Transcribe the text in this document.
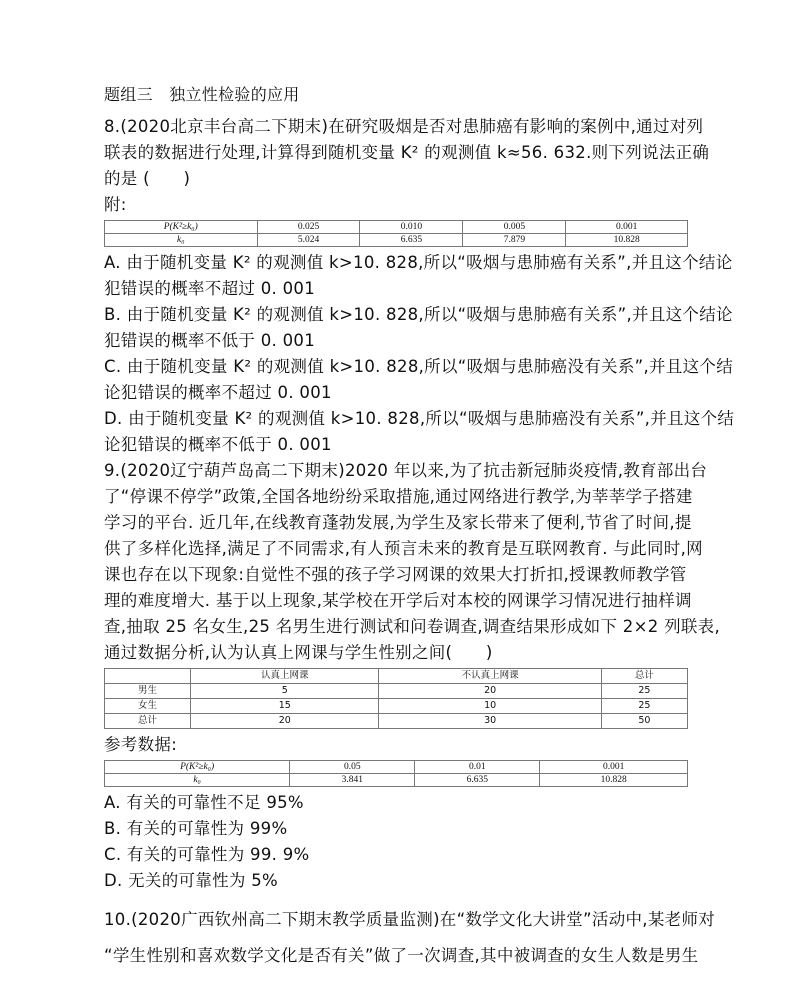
题组三　独立性检验的应用
8.(2020北京丰台高二下期末)在研究吸烟是否对患肺癌有影响的案例中,通过对列
联表的数据进行处理,计算得到随机变量 K² 的观测值 k≈56. 632.则下列说法正确
的是 (　　)
附:
P(K²≥k₀)	0.025	0.010	0.005	0.001
k₀	5.024	6.635	7.879	10.828
A. 由于随机变量 K² 的观测值 k>10. 828,所以“吸烟与患肺癌有关系”,并且这个结论
犯错误的概率不超过 0. 001
B. 由于随机变量 K² 的观测值 k>10. 828,所以“吸烟与患肺癌有关系”,并且这个结论
犯错误的概率不低于 0. 001
C. 由于随机变量 K² 的观测值 k>10. 828,所以“吸烟与患肺癌没有关系”,并且这个结
论犯错误的概率不超过 0. 001
D. 由于随机变量 K² 的观测值 k>10. 828,所以“吸烟与患肺癌没有关系”,并且这个结
论犯错误的概率不低于 0. 001
9.(2020辽宁葫芦岛高二下期末)2020 年以来,为了抗击新冠肺炎疫情,教育部出台
了“停课不停学”政策,全国各地纷纷采取措施,通过网络进行教学,为莘莘学子搭建
学习的平台. 近几年,在线教育蓬勃发展,为学生及家长带来了便利,节省了时间,提
供了多样化选择,满足了不同需求,有人预言未来的教育是互联网教育. 与此同时,网
课也存在以下现象:自觉性不强的孩子学习网课的效果大打折扣,授课教师教学管
理的难度增大. 基于以上现象,某学校在开学后对本校的网课学习情况进行抽样调
查,抽取 25 名女生,25 名男生进行测试和问卷调查,调查结果形成如下 2×2 列联表,
通过数据分析,认为认真上网课与学生性别之间(　　)
	认真上网课	不认真上网课	总计
男生	5	20	25
女生	15	10	25
总计	20	30	50
参考数据:
P(K²≥k₀)	0.05	0.01	0.001
k₀	3.841	6.635	10.828
A. 有关的可靠性不足 95%
B. 有关的可靠性为 99%
C. 有关的可靠性为 99. 9%
D. 无关的可靠性为 5%
10.(2020广西钦州高二下期末教学质量监测)在“数学文化大讲堂”活动中,某老师对
“学生性别和喜欢数学文化是否有关”做了一次调查,其中被调查的女生人数是男生
